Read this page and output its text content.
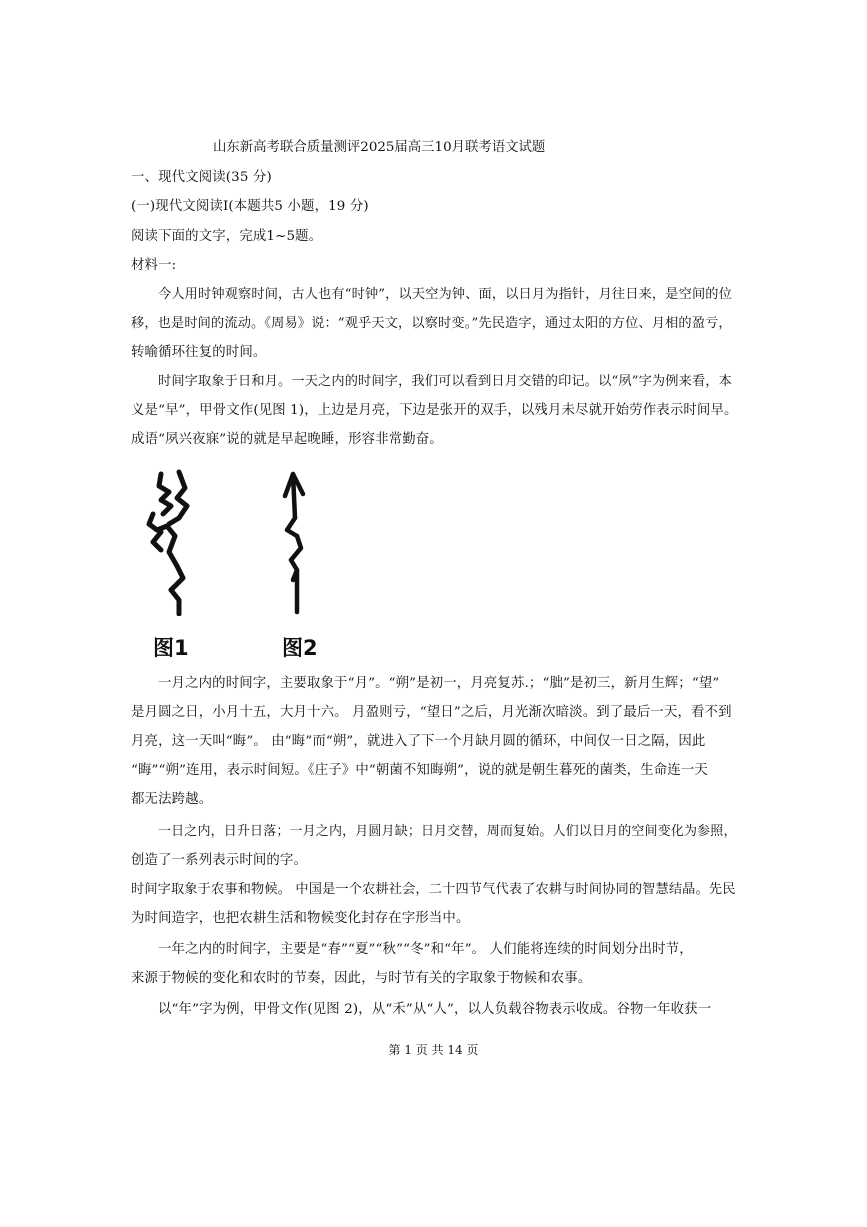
山东新高考联合质量测评2025届高三10月联考语文试题
一、现代文阅读(35 分)
(一)现代文阅读Ⅰ(本题共5 小题，19 分)
阅读下面的文字，完成1~5题。
材料一:
今人用时钟观察时间，古人也有“时钟”，以天空为钟、面，以日月为指针，月往日来，是空间的位
移，也是时间的流动。《周易》说：“观乎天文，以察时变。”先民造字，通过太阳的方位、月相的盈亏，
转喻循环往复的时间。
时间字取象于日和月。一天之内的时间字，我们可以看到日月交错的印记。以“夙”字为例来看，本
义是“早”，甲骨文作(见图 1)，上边是月亮，下边是张开的双手，以残月未尽就开始劳作表示时间早。
成语“夙兴夜寐”说的就是早起晚睡，形容非常勤奋。
图1	图2
一月之内的时间字，主要取象于“月”。“朔”是初一，月亮复苏.；“朏”是初三，新月生辉；“望”
是月圆之日，小月十五，大月十六。 月盈则亏，“望日”之后，月光渐次暗淡。到了最后一天，看不到
月亮，这一天叫“晦”。 由“晦”而“朔”，就进入了下一个月缺月圆的循环，中间仅一日之隔，因此
“晦”“朔”连用，表示时间短。《庄子》中“朝菌不知晦朔”，说的就是朝生暮死的菌类，生命连一天
都无法跨越。
一日之内，日升日落；一月之内，月圆月缺；日月交替，周而复始。人们以日月的空间变化为参照，
创造了一系列表示时间的字。
时间字取象于农事和物候。 中国是一个农耕社会，二十四节气代表了农耕与时间协同的智慧结晶。先民
为时间造字，也把农耕生活和物候变化封存在字形当中。
一年之内的时间字，主要是“春”“夏”“秋”“冬”和“年”。 人们能将连续的时间划分出时节，
来源于物候的变化和农时的节奏，因此，与时节有关的字取象于物候和农事。
以“年”字为例，甲骨文作(见图 2)，从“禾”从“人”，以人负载谷物表示收成。谷物一年收获一
第 1 页 共 14 页
